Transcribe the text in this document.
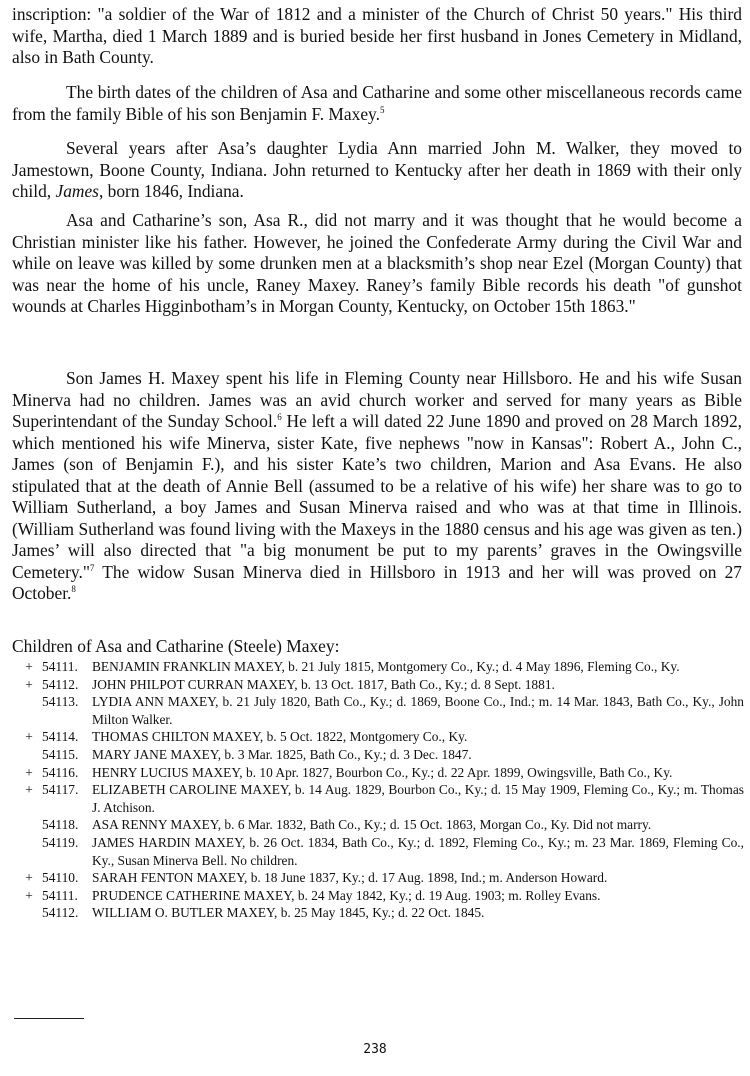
inscription: "a soldier of the War of 1812 and a minister of the Church of Christ 50 years." His third wife, Martha, died 1 March 1889 and is buried beside her first husband in Jones Cemetery in Midland, also in Bath County.

The birth dates of the children of Asa and Catharine and some other miscellaneous records came from the family Bible of his son Benjamin F. Maxey.$^5$

Several years after Asa’s daughter Lydia Ann married John M. Walker, they moved to Jamestown, Boone County, Indiana. John returned to Kentucky after her death in 1869 with their only child, James, born 1846, Indiana.

Asa and Catharine’s son, Asa R., did not marry and it was thought that he would become a Christian minister like his father. However, he joined the Confederate Army during the Civil War and while on leave was killed by some drunken men at a blacksmith’s shop near Ezel (Morgan County) that was near the home of his uncle, Raney Maxey. Raney’s family Bible records his death "of gunshot wounds at Charles Higginbotham’s in Morgan County, Kentucky, on October 15th 1863."

Son James H. Maxey spent his life in Fleming County near Hillsboro. He and his wife Susan Minerva had no children. James was an avid church worker and served for many years as Bible Superintendant of the Sunday School.$^6$ He left a will dated 22 June 1890 and proved on 28 March 1892, which mentioned his wife Minerva, sister Kate, five nephews "now in Kansas": Robert A., John C., James (son of Benjamin F.), and his sister Kate’s two children, Marion and Asa Evans. He also stipulated that at the death of Annie Bell (assumed to be a relative of his wife) her share was to go to William Sutherland, a boy James and Susan Minerva raised and who was at that time in Illinois. (William Sutherland was found living with the Maxeys in the 1880 census and his age was given as ten.) James’ will also directed that "a big monument be put to my parents’ graves in the Owingsville Cemetery."$^7$ The widow Susan Minerva died in Hillsboro in 1913 and her will was proved on 27 October.$^8$

Children of Asa and Catharine (Steele) Maxey:

+ 54111. BENJAMIN FRANKLIN MAXEY, b. 21 July 1815, Montgomery Co., Ky.; d. 4 May 1896, Fleming Co., Ky.
+ 54112. JOHN PHILPOT CURRAN MAXEY, b. 13 Oct. 1817, Bath Co., Ky.; d. 8 Sept. 1881.
54113. LYDIA ANN MAXEY, b. 21 July 1820, Bath Co., Ky.; d. 1869, Boone Co., Ind.; m. 14 Mar. 1843, Bath Co., Ky., John Milton Walker.
+ 54114. THOMAS CHILTON MAXEY, b. 5 Oct. 1822, Montgomery Co., Ky.
54115. MARY JANE MAXEY, b. 3 Mar. 1825, Bath Co., Ky.; d. 3 Dec. 1847.
+ 54116. HENRY LUCIUS MAXEY, b. 10 Apr. 1827, Bourbon Co., Ky.; d. 22 Apr. 1899, Owingsville, Bath Co., Ky.
+ 54117. ELIZABETH CAROLINE MAXEY, b. 14 Aug. 1829, Bourbon Co., Ky.; d. 15 May 1909, Fleming Co., Ky.; m. Thomas J. Atchison.
54118. ASA RENNY MAXEY, b. 6 Mar. 1832, Bath Co., Ky.; d. 15 Oct. 1863, Morgan Co., Ky. Did not marry.
54119. JAMES HARDIN MAXEY, b. 26 Oct. 1834, Bath Co., Ky.; d. 1892, Fleming Co., Ky.; m. 23 Mar. 1869, Fleming Co., Ky., Susan Minerva Bell. No children.
+ 54110. SARAH FENTON MAXEY, b. 18 June 1837, Ky.; d. 17 Aug. 1898, Ind.; m. Anderson Howard.
+ 54111. PRUDENCE CATHERINE MAXEY, b. 24 May 1842, Ky.; d. 19 Aug. 1903; m. Rolley Evans.
54112. WILLIAM O. BUTLER MAXEY, b. 25 May 1845, Ky.; d. 22 Oct. 1845.
238
